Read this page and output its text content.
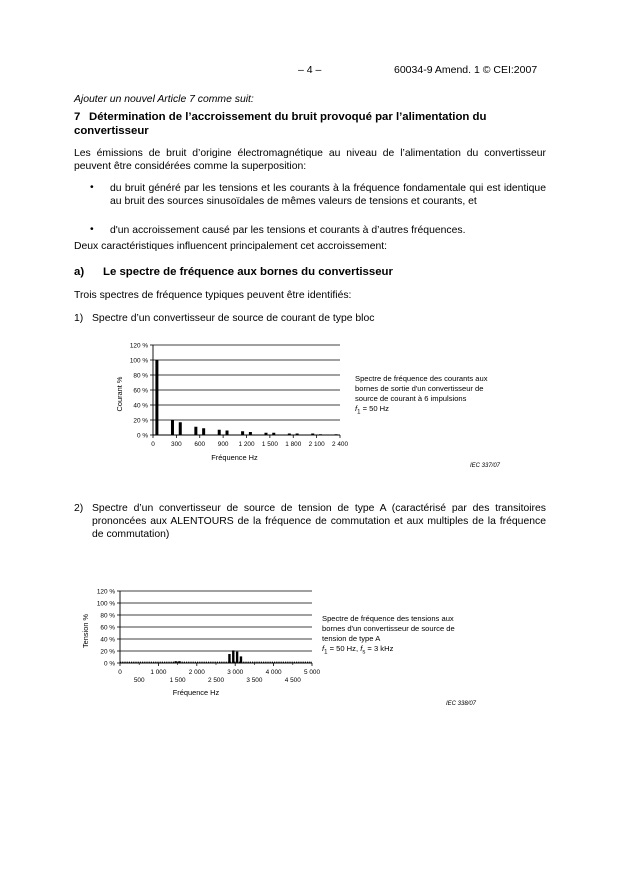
– 4 –	60034-9 Amend. 1 © CEI:2007
Ajouter un nouvel Article 7 comme suit:
7 Détermination de l’accroissement du bruit provoqué par l’alimentation du convertisseur
Les émissions de bruit d’origine électromagnétique au niveau de l’alimentation du convertisseur peuvent être considérées comme la superposition:
• du bruit généré par les tensions et les courants à la fréquence fondamentale qui est identique au bruit des sources sinusoïdales de mêmes valeurs de tensions et courants, et
• d'un accroissement causé par les tensions et courants à d’autres fréquences.
Deux caractéristiques influencent principalement cet accroissement:
a) Le spectre de fréquence aux bornes du convertisseur
Trois spectres de fréquence typiques peuvent être identifiés:
1) Spectre d’un convertisseur de source de courant de type bloc
0 %
20 %
40 %
60 %
80 %
100 %
120 %
0	300 600 900 1 200 1 500 1 800 2 100 2 400
Fréquence Hz
Courant %	Spectre de fréquence des courants aux
bornes de sortie d'un convertisseur de
source de courant à 6 impulsions
$f_1 = 50$ Hz
IEC 337/07
2) Spectre d’un convertisseur de source de tension de type A (caractérisé par des transitoires prononcées aux ALENTOURS de la fréquence de commutation et aux multiples de la fréquence de commutation)
0 %
20 %
40 %
60 %
80 %
100 %
120 %
0	1 000	2 000	3 000	4 000	5 000
500	1 500	2 500	3 500	4 500
Fréquence Hz
Tension %	Spectre de fréquence des tensions aux
bornes d'un convertisseur de source de
tension de type A
$f_1 = 50$ Hz, $f_s = 3$ kHz
IEC 338/07
